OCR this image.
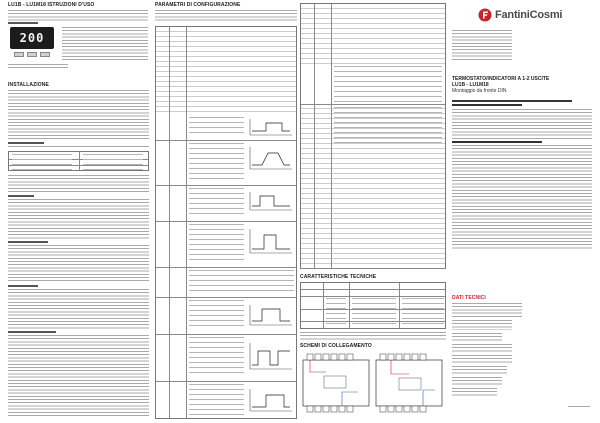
LU1B - LU1M18 ISTRUZIONI D'USO
200
INSTALLAZIONE
PARAMETRI DI CONFIGURAZIONE
CARATTERISTICHE TECNICHE
SCHEMI DI COLLEGAMENTO
FantiniCosmi
TERMOSTATO/INDICATORI A 1-2 USCITE
LU1B - LU1M18
Montaggio da fronte DIN
DATI TECNICI
